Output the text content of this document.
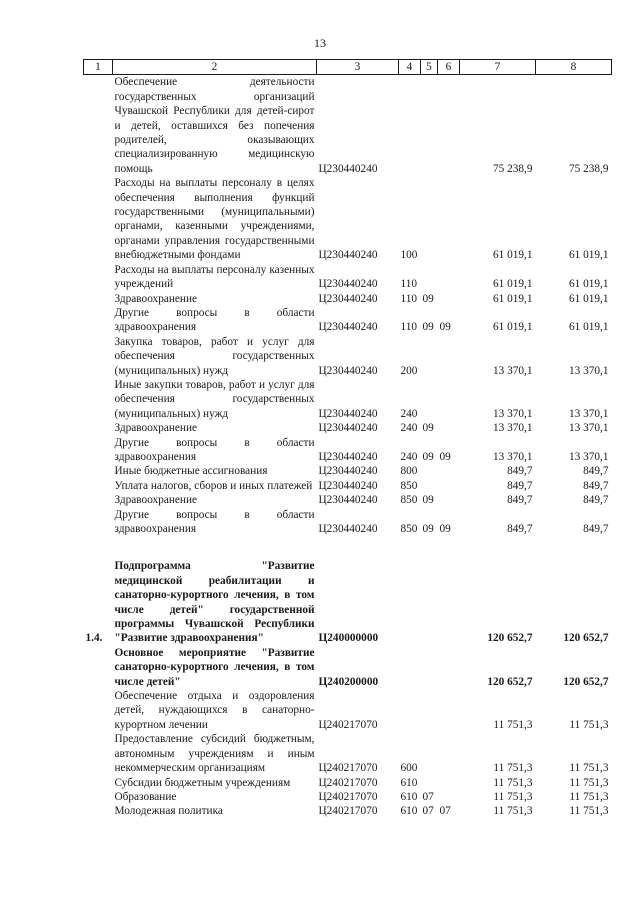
13
1	2	3	4	5	6	7	8
	Обеспечение деятельности государственных организаций Чувашской Республики для детей-сирот и детей, оставшихся без попечения родителей, оказывающих специализированную медицинскую помощь	Ц230440240				75 238,9	75 238,9
	Расходы на выплаты персоналу в целях обеспечения выполнения функций государственными (муниципальными) органами, казенными учреждениями, органами управления государственными внебюджетными фондами	Ц230440240	100			61 019,1	61 019,1
	Расходы на выплаты персоналу казенных учреждений	Ц230440240	110			61 019,1	61 019,1
	Здравоохранение	Ц230440240	110	09		61 019,1	61 019,1
	Другие вопросы в области здравоохранения	Ц230440240	110	09	09	61 019,1	61 019,1
	Закупка товаров, работ и услуг для обеспечения государственных (муниципальных) нужд	Ц230440240	200			13 370,1	13 370,1
	Иные закупки товаров, работ и услуг для обеспечения государственных (муниципальных) нужд	Ц230440240	240			13 370,1	13 370,1
	Здравоохранение	Ц230440240	240	09		13 370,1	13 370,1
	Другие вопросы в области здравоохранения	Ц230440240	240	09	09	13 370,1	13 370,1
	Иные бюджетные ассигнования	Ц230440240	800			849,7	849,7
	Уплата налогов, сборов и иных платежей	Ц230440240	850			849,7	849,7
	Здравоохранение	Ц230440240	850	09		849,7	849,7
	Другие вопросы в области здравоохранения	Ц230440240	850	09	09	849,7	849,7

1.4.	Подпрограмма "Развитие медицинской реабилитации и санаторно-курортного лечения, в том числе детей" государственной программы Чувашской Республики "Развитие здравоохранения"	Ц240000000				120 652,7	120 652,7
	Основное мероприятие "Развитие санаторно-курортного лечения, в том числе детей"	Ц240200000				120 652,7	120 652,7
	Обеспечение отдыха и оздоровления детей, нуждающихся в санаторно-курортном лечении	Ц240217070				11 751,3	11 751,3
	Предоставление субсидий бюджетным, автономным учреждениям и иным некоммерческим организациям	Ц240217070	600			11 751,3	11 751,3
	Субсидии бюджетным учреждениям	Ц240217070	610			11 751,3	11 751,3
	Образование	Ц240217070	610	07		11 751,3	11 751,3
	Молодежная политика	Ц240217070	610	07	07	11 751,3	11 751,3
